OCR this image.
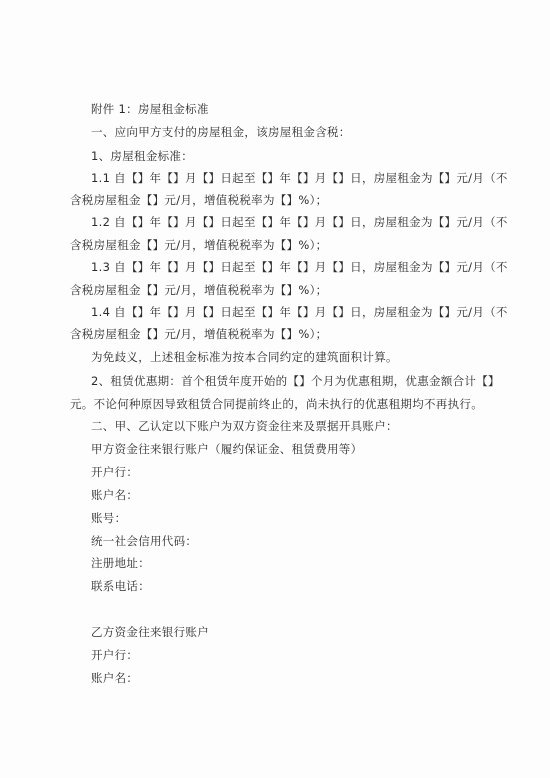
附件 1：房屋租金标准
一、应向甲方支付的房屋租金，该房屋租金含税：
1、房屋租金标准：
1.1 自【】年【】月【】日起至【】年【】月【】日，房屋租金为【】元/月（不
含税房屋租金【】元/月，增值税税率为【】%）；
1.2 自【】年【】月【】日起至【】年【】月【】日，房屋租金为【】元/月（不
含税房屋租金【】元/月，增值税税率为【】%）；
1.3 自【】年【】月【】日起至【】年【】月【】日，房屋租金为【】元/月（不
含税房屋租金【】元/月，增值税税率为【】%）；
1.4 自【】年【】月【】日起至【】年【】月【】日，房屋租金为【】元/月（不
含税房屋租金【】元/月，增值税税率为【】%）；
为免歧义，上述租金标准为按本合同约定的建筑面积计算。
2、租赁优惠期：首个租赁年度开始的【】个月为优惠租期，优惠金额合计【】
元。不论何种原因导致租赁合同提前终止的，尚未执行的优惠租期均不再执行。
二、甲、乙认定以下账户为双方资金往来及票据开具账户：
甲方资金往来银行账户（履约保证金、租赁费用等）
开户行：
账户名：
账号：
统一社会信用代码：
注册地址：
联系电话：
乙方资金往来银行账户
开户行：
账户名：
